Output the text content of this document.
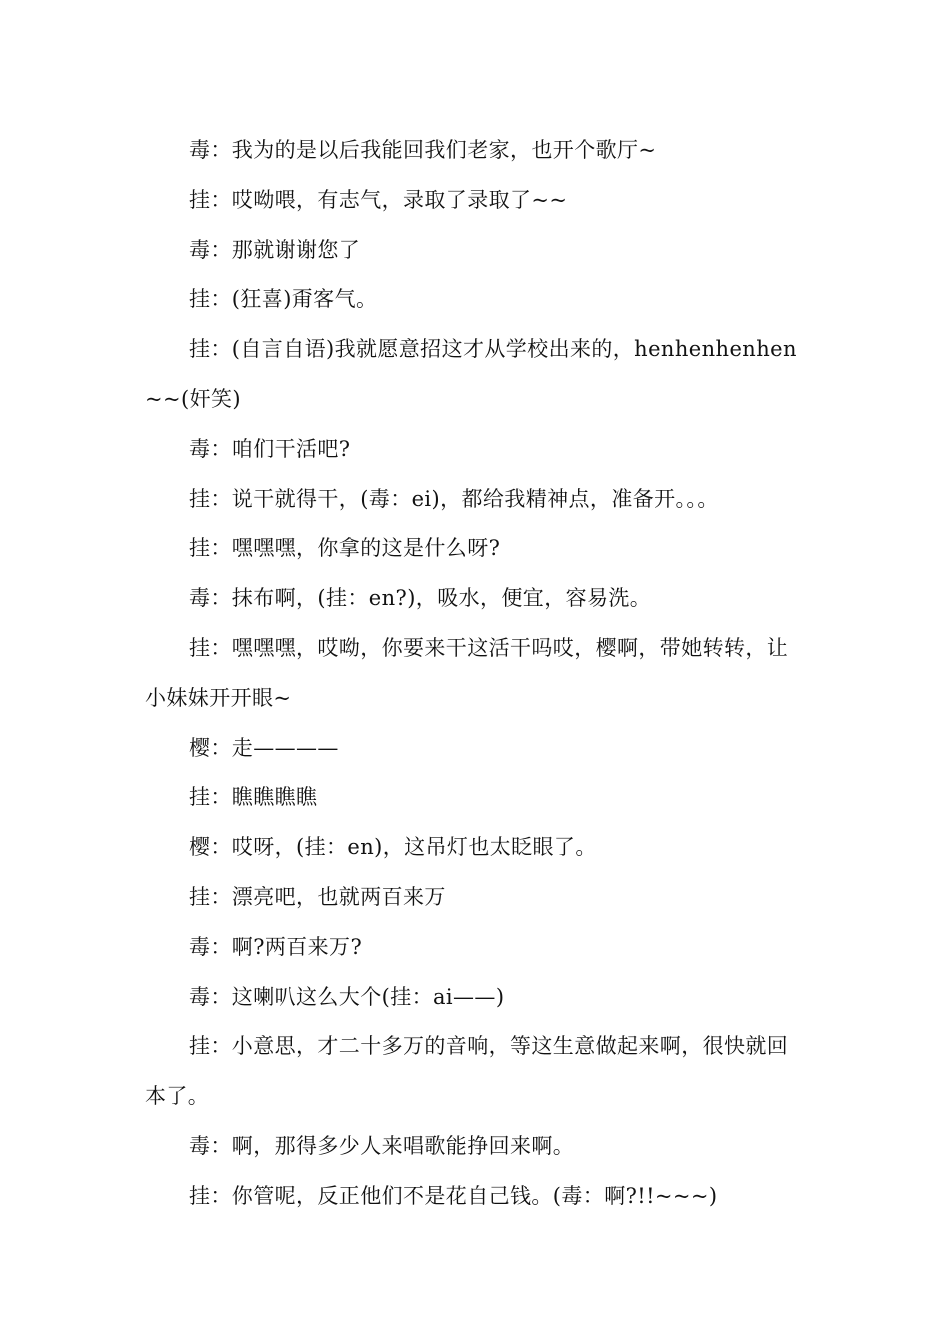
毒：我为的是以后我能回我们老家，也开个歌厅~

挂：哎呦喂，有志气，录取了录取了~~

毒：那就谢谢您了

挂：(狂喜)甭客气。

挂：(自言自语)我就愿意招这才从学校出来的，henhenhenhen~~(奸笑)

毒：咱们干活吧?

挂：说干就得干，(毒：ei)，都给我精神点，准备开。。。

挂：嘿嘿嘿，你拿的这是什么呀?

毒：抹布啊，(挂：en?)，吸水，便宜，容易洗。

挂：嘿嘿嘿，哎呦，你要来干这活干吗哎，樱啊，带她转转，让小妹妹开开眼~

樱：走————

挂：瞧瞧瞧瞧

樱：哎呀，(挂：en)，这吊灯也太眨眼了。

挂：漂亮吧，也就两百来万

毒：啊?两百来万?

毒：这喇叭这么大个(挂：ai——)

挂：小意思，才二十多万的音响，等这生意做起来啊，很快就回本了。

毒：啊，那得多少人来唱歌能挣回来啊。

挂：你管呢，反正他们不是花自己钱。(毒：啊?!!~~~)
